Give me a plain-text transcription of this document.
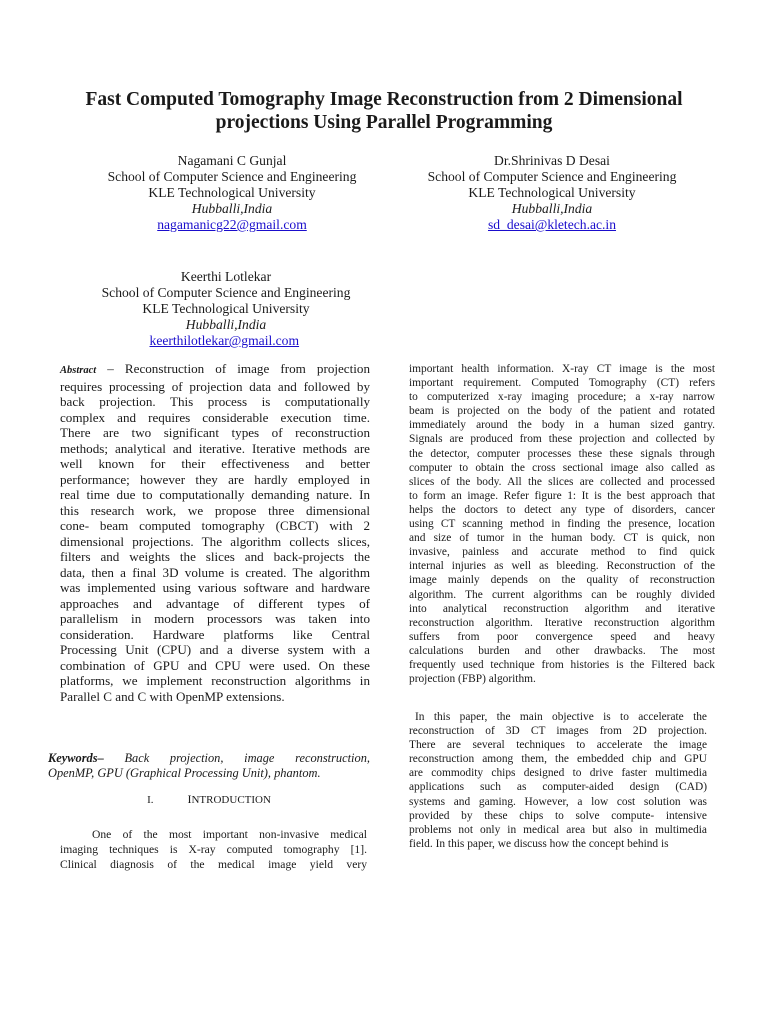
Fast Computed Tomography Image Reconstruction from 2 Dimensional
projections Using Parallel Programming
Nagamani C Gunjal
School of Computer Science and Engineering
KLE Technological University
Hubballi,India
nagamanicg22@gmail.com
Dr.Shrinivas D Desai
School of Computer Science and Engineering
KLE Technological University
Hubballi,India
sd_desai@kletech.ac.in
Keerthi Lotlekar
School of Computer Science and Engineering
KLE Technological University
Hubballi,India
keerthilotlekar@gmail.com
Abstract – Reconstruction of image from projection
requires processing of projection data and followed by
back projection. This process is computationally
complex and requires considerable execution time.
There are two significant types of reconstruction
methods; analytical and iterative. Iterative methods are
well known for their effectiveness and better
performance; however they are hardly employed in
real time due to computationally demanding nature. In
this research work, we propose three dimensional
cone- beam computed tomography (CBCT) with 2
dimensional projections. The algorithm collects slices,
filters and weights the slices and back-projects the
data, then a final 3D volume is created. The algorithm
was implemented using various software and hardware
approaches and advantage of different types of
parallelism in modern processors was taken into
consideration. Hardware platforms like Central
Processing Unit (CPU) and a diverse system with a
combination of GPU and CPU were used. On these
platforms, we implement reconstruction algorithms in
Parallel C and C with OpenMP extensions.
Keywords– Back projection, image reconstruction,
OpenMP, GPU (Graphical Processing Unit), phantom.
I.	INTRODUCTION
One of the most important non-invasive medical
imaging techniques is X-ray computed tomography [1].
Clinical diagnosis of the medical image yield very
important health information. X-ray CT image is the most
important requirement. Computed Tomography (CT) refers
to computerized x-ray imaging procedure; a x-ray narrow
beam is projected on the body of the patient and rotated
immediately around the body in a human sized gantry.
Signals are produced from these projection and collected by
the detector, computer processes these these signals through
computer to obtain the cross sectional image also called as
slices of the body. All the slices are collected and processed
to form an image. Refer figure 1: It is the best approach that
helps the doctors to detect any type of disorders, cancer
using CT scanning method in finding the presence, location
and size of tumor in the human body. CT is quick, non
invasive, painless and accurate method to find quick
internal injuries as well as bleeding. Reconstruction of the
image mainly depends on the quality of reconstruction
algorithm. The current algorithms can be roughly divided
into analytical reconstruction algorithm and iterative
reconstruction algorithm. Iterative reconstruction algorithm
suffers from poor convergence speed and heavy
calculations burden and other drawbacks. The most
frequently used technique from histories is the Filtered back
projection (FBP) algorithm.
In this paper, the main objective is to accelerate the
reconstruction of 3D CT images from 2D projection.
There are several techniques to accelerate the image
reconstruction among them, the embedded chip and GPU
are commodity chips designed to drive faster multimedia
applications such as computer-aided design (CAD)
systems and gaming. However, a low cost solution was
provided by these chips to solve compute- intensive
problems not only in medical area but also in multimedia
field. In this paper, we discuss how the concept behind is
